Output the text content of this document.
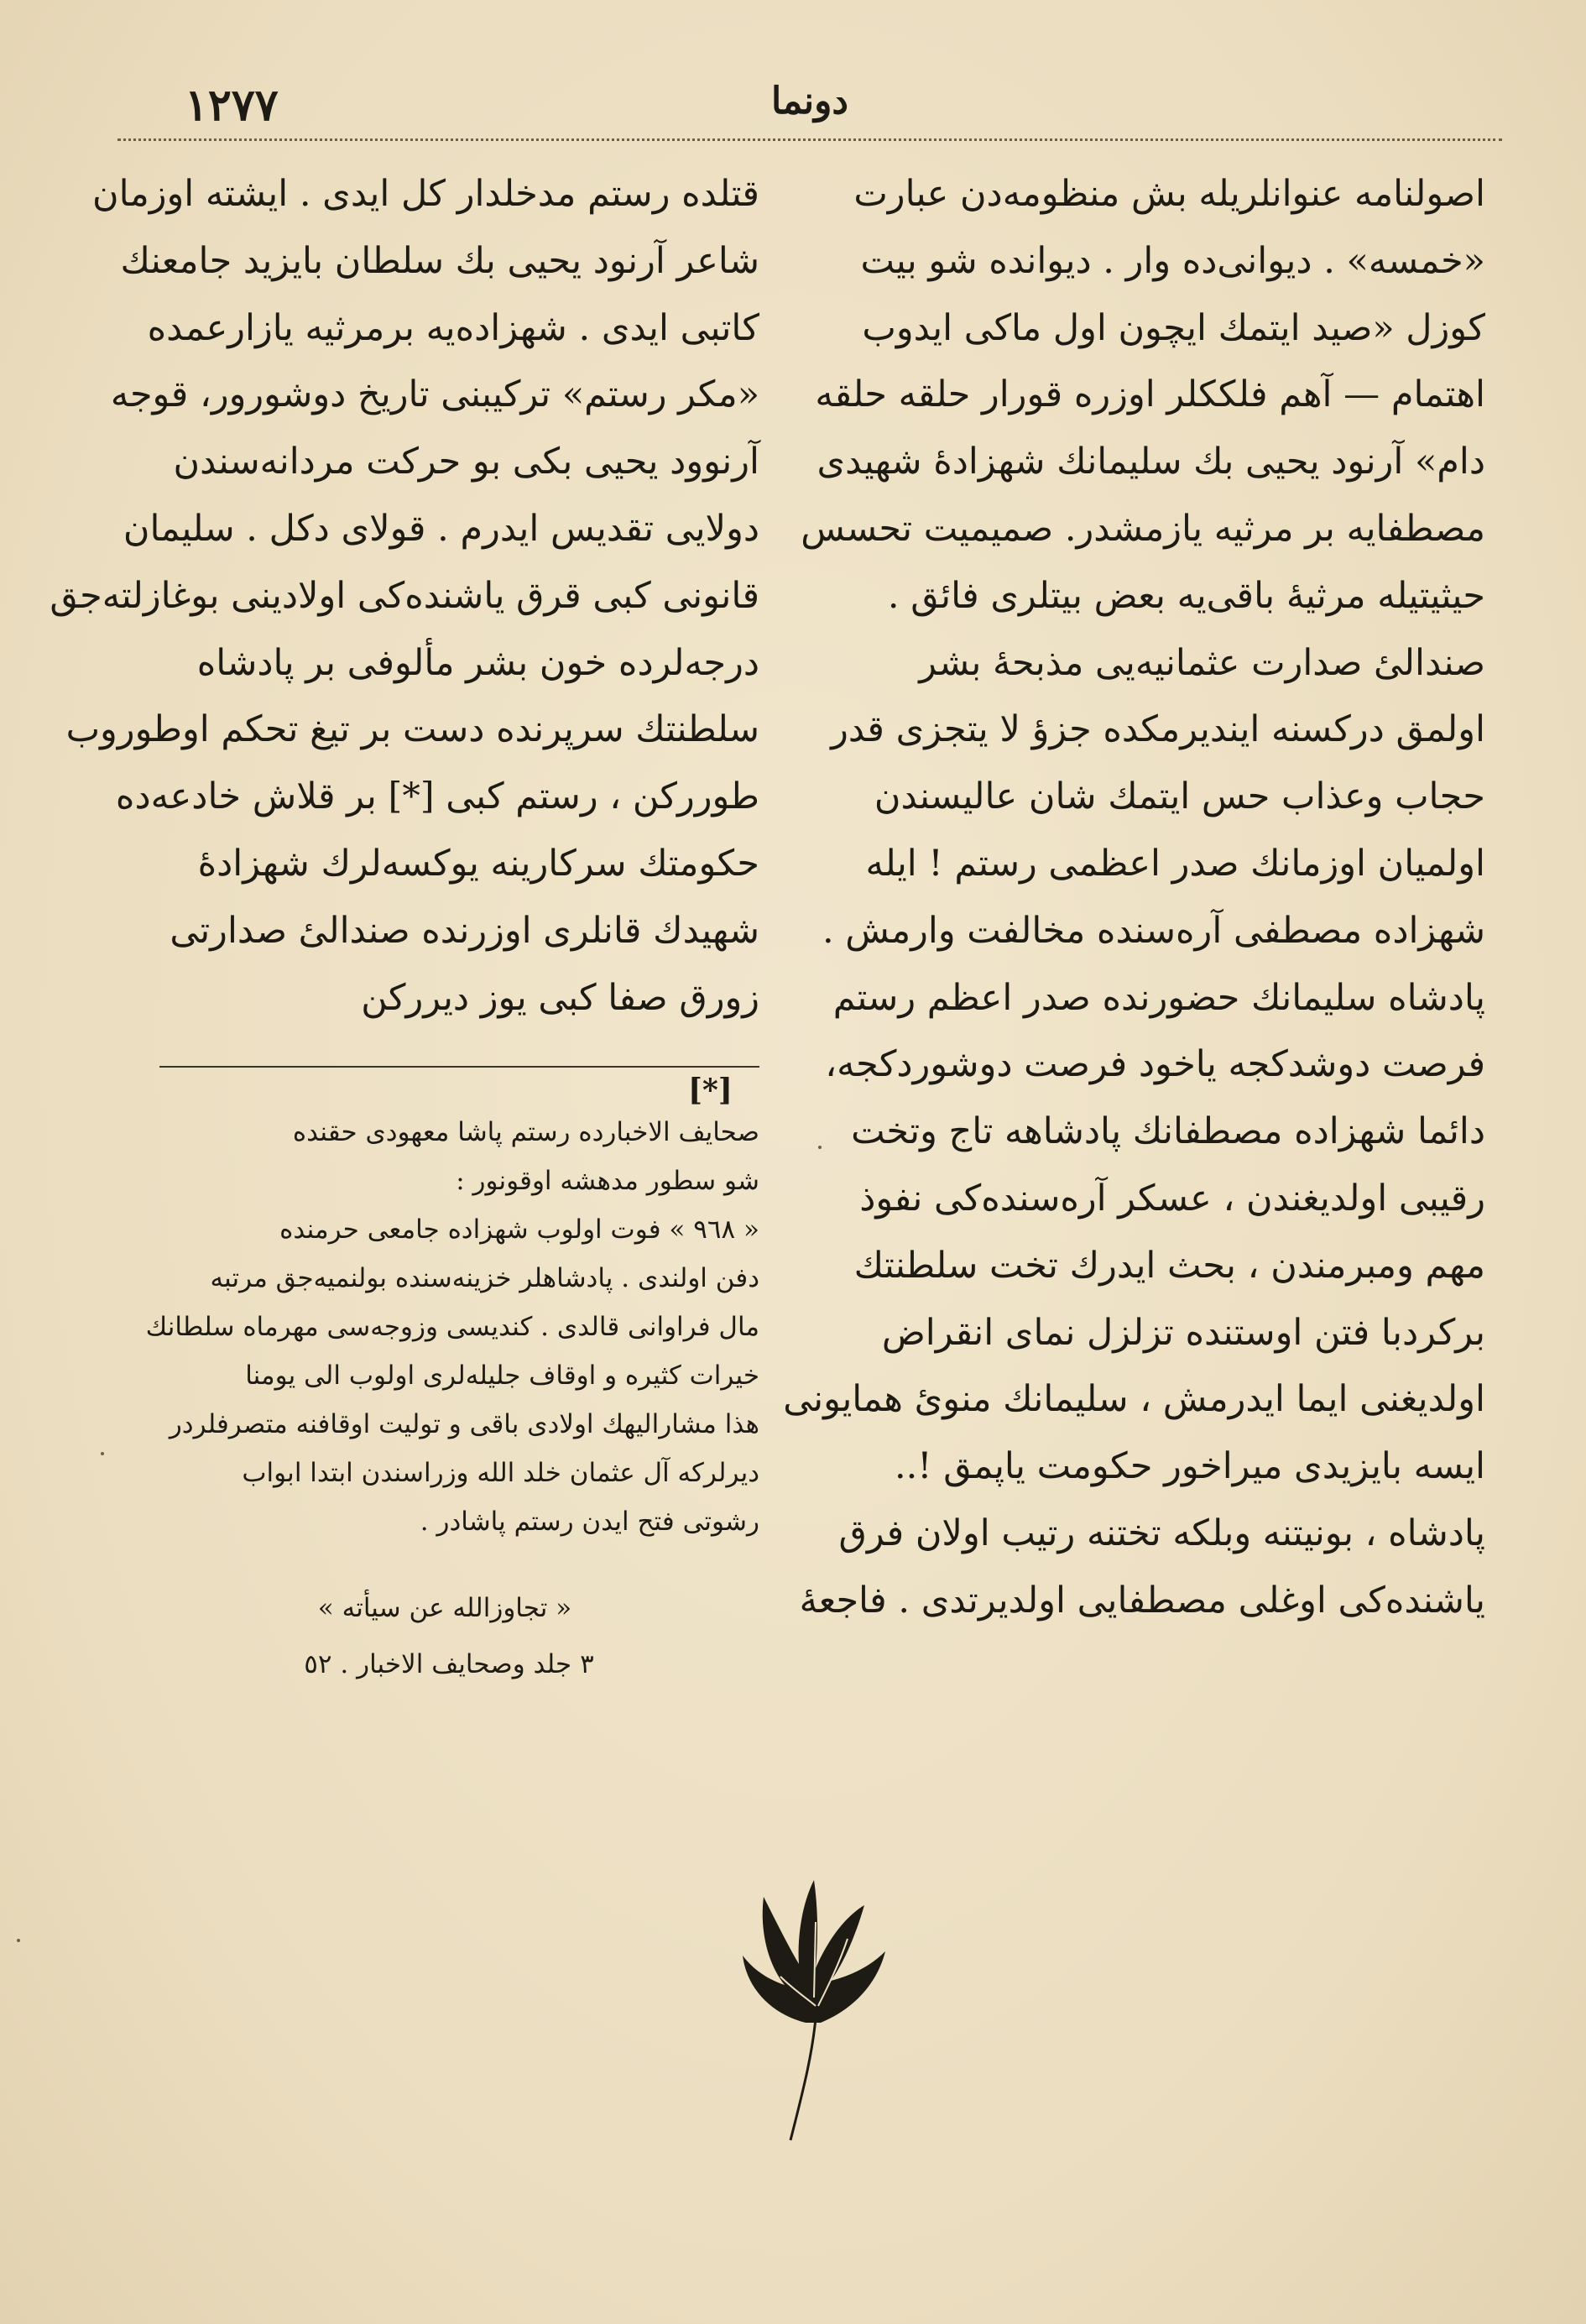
١٢٧٧	دونما
اصولنامه عنوانلریله بش منظومه‌دن عبارت
«خمسه» . دیوانی‌ده وار . دیوانده شو بیت
کوزل «صید ایتمك ایچون اول ماکی ایدوب
اهتمام — آهم فلککلر اوزره قورار حلقه حلقه
دام» آرنود یحیی بك سلیمانك شهزادهٔ شهیدی
مصطفایه بر مرثیه یازمشدر. صمیمیت تحسس
حیثیتیله مرثیهٔ باقی‌یه بعض بیتلری فائق .
صندالیٔ صدارت عثمانیه‌یی مذبحهٔ بشر
اولمق درکسنه ایندیرمکده جزؤ لا یتجزی قدر
حجاب وعذاب حس ایتمك شان عالیسندن
اولمیان اوزمانك صدر اعظمی رستم ! ایله
شهزاده مصطفی آره‌سنده مخالفت وارمش .
پادشاه سلیمانك حضورنده صدر اعظم رستم
فرصت دوشدکجه یاخود فرصت دوشوردکجه،
دائما شهزاده مصطفانك پادشاهه تاج وتخت
رقیبی اولدیغندن ، عسکر آره‌سنده‌کی نفوذ
مهم ومبرمندن ، بحث ایدرك تخت سلطنتك
برکردبا فتن اوستنده تزلزل نمای انقراض
اولدیغنی ایما ایدرمش ، سلیمانك منویٔ همایونی
ایسه بایزیدی میراخور حکومت یاپمق !..
پادشاه ، بونیتنه وبلکه تختنه رتیب اولان فرق
یاشنده‌کی اوغلی مصطفایی اولدیرتدی . فاجعهٔ
قتلده رستم مدخلدار کل ایدی . ایشته اوزمان
شاعر آرنود یحیی بك سلطان بایزید جامعنك
کاتبی ایدی . شهزاده‌یه برمرثیه یازارعمده
«مکر رستم» ترکیبنی تاریخ دوشورور، قوجه
آرنوود یحیی بکی بو حرکت مردانه‌سندن
دولایی تقدیس ایدرم . قولای دکل . سلیمان
قانونی کبی قرق یاشنده‌کی اولادینی بوغازلته‌جق
درجه‌لرده خون بشر مألوفی بر پادشاه
سلطنتك سرپرنده دست بر تیغ تحکم اوطوروب
طوررکن ، رستم کبی [*] بر قلاش خادعه‌ده
حکومتك سرکارینه یوکسه‌لرك شهزادهٔ
شهیدك قانلری اوزرنده صندالیٔ صدارتی
زورق صفا کبی یوز دیررکن
[*]
صحایف الاخبارده رستم پاشا معهودی حقنده
شو سطور مدهشه اوقونور :
« ٩٦٨ » فوت اولوب شهزاده جامعی حرمنده
دفن اولندی . پادشاهلر خزینه‌سنده بولنمیه‌جق مرتبه
مال فراوانی قالدی . کندیسی وزوجه‌سی مهرماه سلطانك
خیرات کثیره و اوقاف جلیله‌لری اولوب الی یومنا
هذا مشارالیهك اولادی باقی و تولیت اوقافنه متصرفلردر
دیرلرکه آل عثمان خلد الله وزراسندن ابتدا ابواب
رشوتی فتح ایدن رستم پاشادر .
« تجاوزالله عن سیأته »
٣ جلد وصحایف الاخبار . ٥٢
